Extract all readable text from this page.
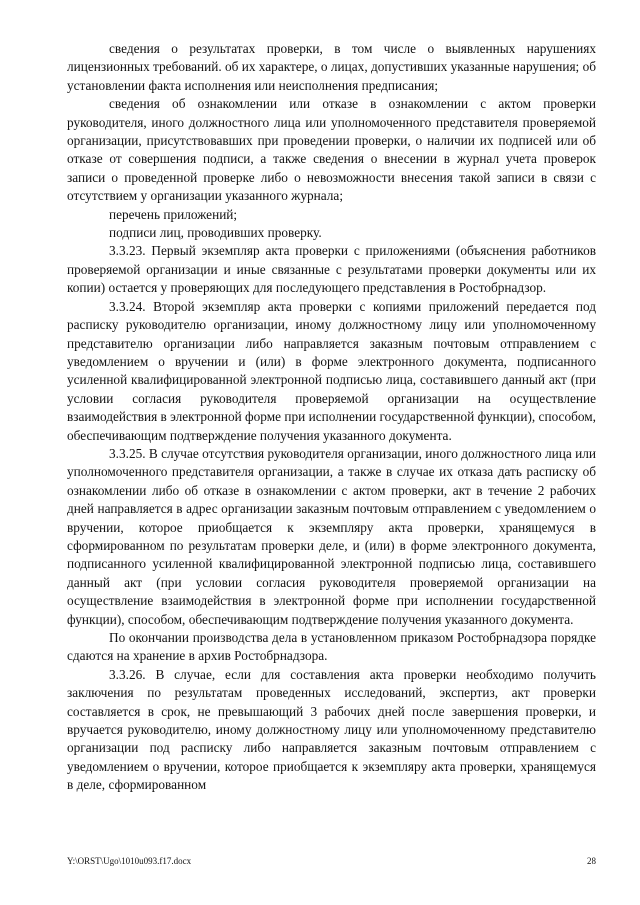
сведения о результатах проверки, в том числе о выявленных нарушениях лицензионных требований. об их характере, о лицах, допустивших указанные нарушения; об установлении факта исполнения или неисполнения предписания;

сведения об ознакомлении или отказе в ознакомлении с актом проверки руководителя, иного должностного лица или уполномоченного представителя проверяемой организации, присутствовавших при проведении проверки, о наличии их подписей или об отказе от совершения подписи, а также сведения о внесении в журнал учета проверок записи о проведенной проверке либо о невозможности внесения такой записи в связи с отсутствием у организации указанного журнала;

перечень приложений;

подписи лиц, проводивших проверку.

3.3.23. Первый экземпляр акта проверки с приложениями (объяснения работников проверяемой организации и иные связанные с результатами проверки документы или их копии) остается у проверяющих для последующего представления в Ростобрнадзор.

3.3.24. Второй экземпляр акта проверки с копиями приложений передается под расписку руководителю организации, иному должностному лицу или уполномоченному представителю организации либо направляется заказным почтовым отправлением с уведомлением о вручении и (или) в форме электронного документа, подписанного усиленной квалифицированной электронной подписью лица, составившего данный акт (при условии согласия руководителя проверяемой организации на осуществление взаимодействия в электронной форме при исполнении государственной функции), способом, обеспечивающим подтверждение получения указанного документа.

3.3.25. В случае отсутствия руководителя организации, иного должностного лица или уполномоченного представителя организации, а также в случае их отказа дать расписку об ознакомлении либо об отказе в ознакомлении с актом проверки, акт в течение 2 рабочих дней направляется в адрес организации заказным почтовым отправлением с уведомлением о вручении, которое приобщается к экземпляру акта проверки, хранящемуся в сформированном по результатам проверки деле, и (или) в форме электронного документа, подписанного усиленной квалифицированной электронной подписью лица, составившего данный акт (при условии согласия руководителя проверяемой организации на осуществление взаимодействия в электронной форме при исполнении государственной функции), способом, обеспечивающим подтверждение получения указанного документа.

По окончании производства дела в установленном приказом Ростобрнадзора порядке сдаются на хранение в архив Ростобрнадзора.

3.3.26. В случае, если для составления акта проверки необходимо получить заключения по результатам проведенных исследований, экспертиз, акт проверки составляется в срок, не превышающий 3 рабочих дней после завершения проверки, и вручается руководителю, иному должностному лицу или уполномоченному представителю организации под расписку либо направляется заказным почтовым отправлением с уведомлением о вручении, которое приобщается к экземпляру акта проверки, хранящемуся в деле, сформированном

Y:\ORST\Ugo\1010u093.f17.docx	28
